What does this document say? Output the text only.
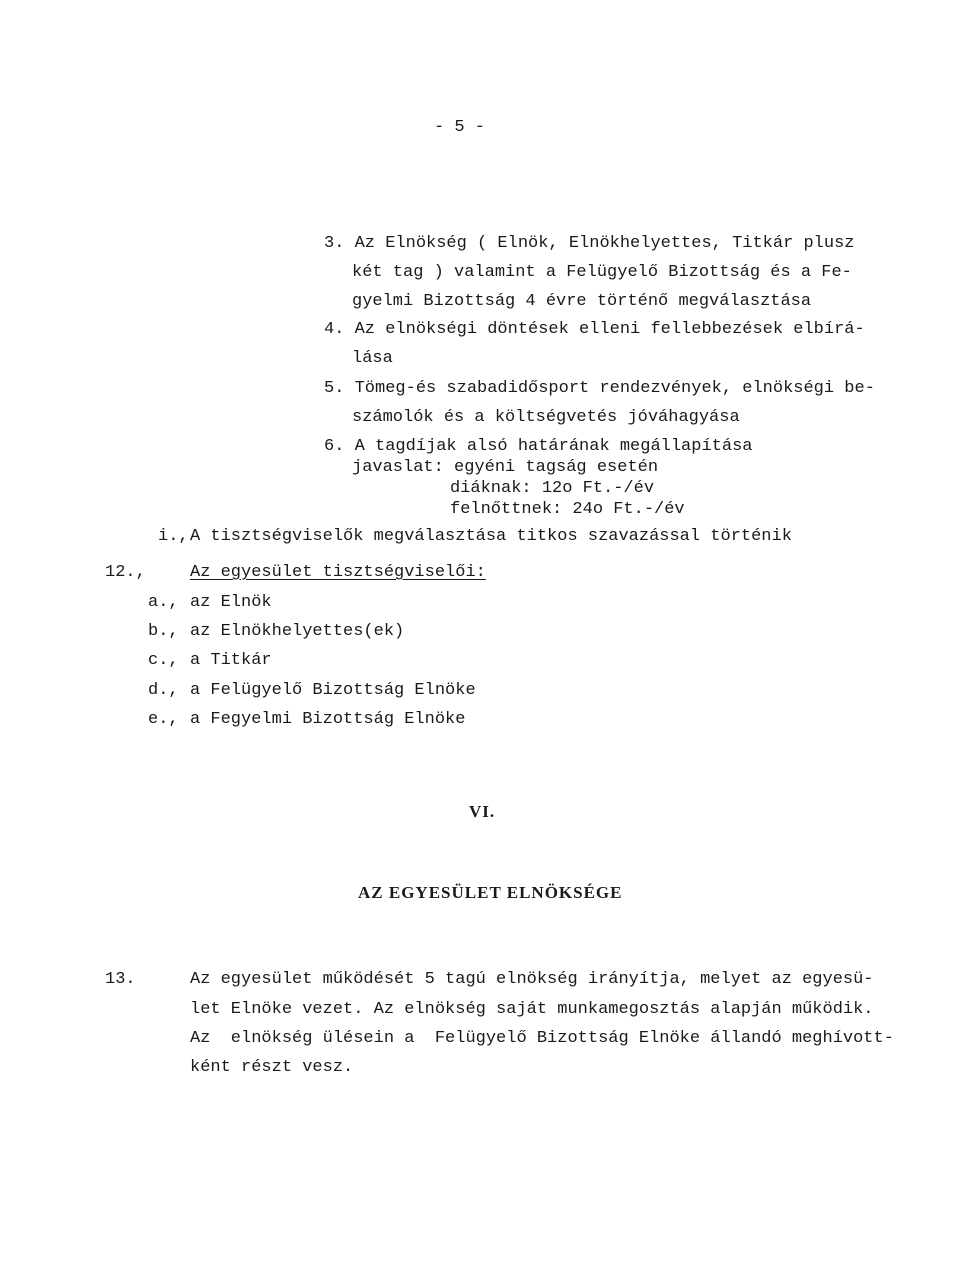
- 5 -
3. Az Elnökség ( Elnök, Elnökhelyettes, Titkár plusz
két tag ) valamint a Felügyelő Bizottság és a Fe-
gyelmi Bizottság 4 évre történő megválasztása
4. Az elnökségi döntések elleni fellebbezések elbírá-
lása
5. Tömeg-és szabadidősport rendezvények, elnökségi be-
számolók és a költségvetés jóváhagyása
6. A tagdíjak alsó határának megállapítása
javaslat: egyéni tagság esetén
diáknak: 12o Ft.-/év
felnőttnek: 24o Ft.-/év
i., A tisztségviselők megválasztása titkos szavazással történik
12.,	Az egyesület tisztségviselői:
a., az Elnök
b., az Elnökhelyettes(ek)
c., a Titkár
d., a Felügyelő Bizottság Elnöke
e., a Fegyelmi Bizottság Elnöke
VI.
AZ EGYESÜLET ELNÖKSÉGE
13.	Az egyesület működését 5 tagú elnökség irányítja, melyet az egyesü-
let Elnöke vezet. Az elnökség saját munkamegosztás alapján működik.
Az  elnökség ülésein a  Felügyelő Bizottság Elnöke állandó meghívott-
ként részt vesz.
